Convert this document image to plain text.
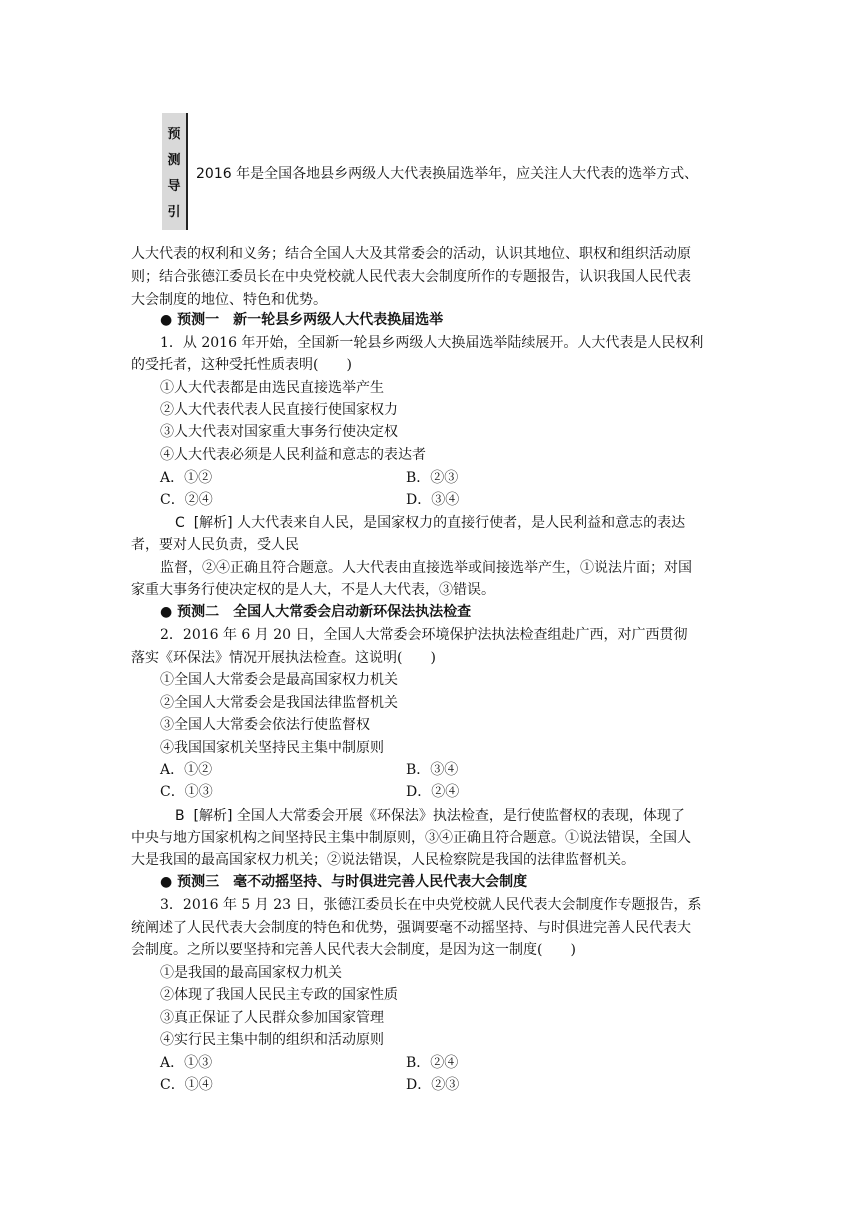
预
测
导
引
2016 年是全国各地县乡两级人大代表换届选举年，应关注人大代表的选举方式、
人大代表的权利和义务；结合全国人大及其常委会的活动，认识其地位、职权和组织活动原
则；结合张德江委员长在中央党校就人民代表大会制度所作的专题报告，认识我国人民代表
大会制度的地位、特色和优势。
● 预测一　新一轮县乡两级人大代表换届选举
1．从 2016 年开始，全国新一轮县乡两级人大换届选举陆续展开。人大代表是人民权利
的受托者，这种受托性质表明(　　)
①人大代表都是由选民直接选举产生
②人大代表代表人民直接行使国家权力
③人大代表对国家重大事务行使决定权
④人大代表必须是人民利益和意志的表达者
A．①②	B．②③
C．②④	D．③④
C [解析] 人大代表来自人民，是国家权力的直接行使者，是人民利益和意志的表达
者，要对人民负责，受人民
监督，②④正确且符合题意。人大代表由直接选举或间接选举产生，①说法片面；对国
家重大事务行使决定权的是人大，不是人大代表，③错误。
● 预测二　全国人大常委会启动新环保法执法检查
2．2016 年 6 月 20 日，全国人大常委会环境保护法执法检查组赴广西，对广西贯彻
落实《环保法》情况开展执法检查。这说明(　　)
①全国人大常委会是最高国家权力机关
②全国人大常委会是我国法律监督机关
③全国人大常委会依法行使监督权
④我国国家机关坚持民主集中制原则
A．①②	B．③④
C．①③	D．②④
B [解析] 全国人大常委会开展《环保法》执法检查，是行使监督权的表现，体现了
中央与地方国家机构之间坚持民主集中制原则，③④正确且符合题意。①说法错误，全国人
大是我国的最高国家权力机关；②说法错误，人民检察院是我国的法律监督机关。
● 预测三　毫不动摇坚持、与时俱进完善人民代表大会制度
3．2016 年 5 月 23 日，张德江委员长在中央党校就人民代表大会制度作专题报告，系
统阐述了人民代表大会制度的特色和优势，强调要毫不动摇坚持、与时俱进完善人民代表大
会制度。之所以要坚持和完善人民代表大会制度，是因为这一制度(　　)
①是我国的最高国家权力机关
②体现了我国人民民主专政的国家性质
③真正保证了人民群众参加国家管理
④实行民主集中制的组织和活动原则
A．①③	B．②④
C．①④	D．②③
